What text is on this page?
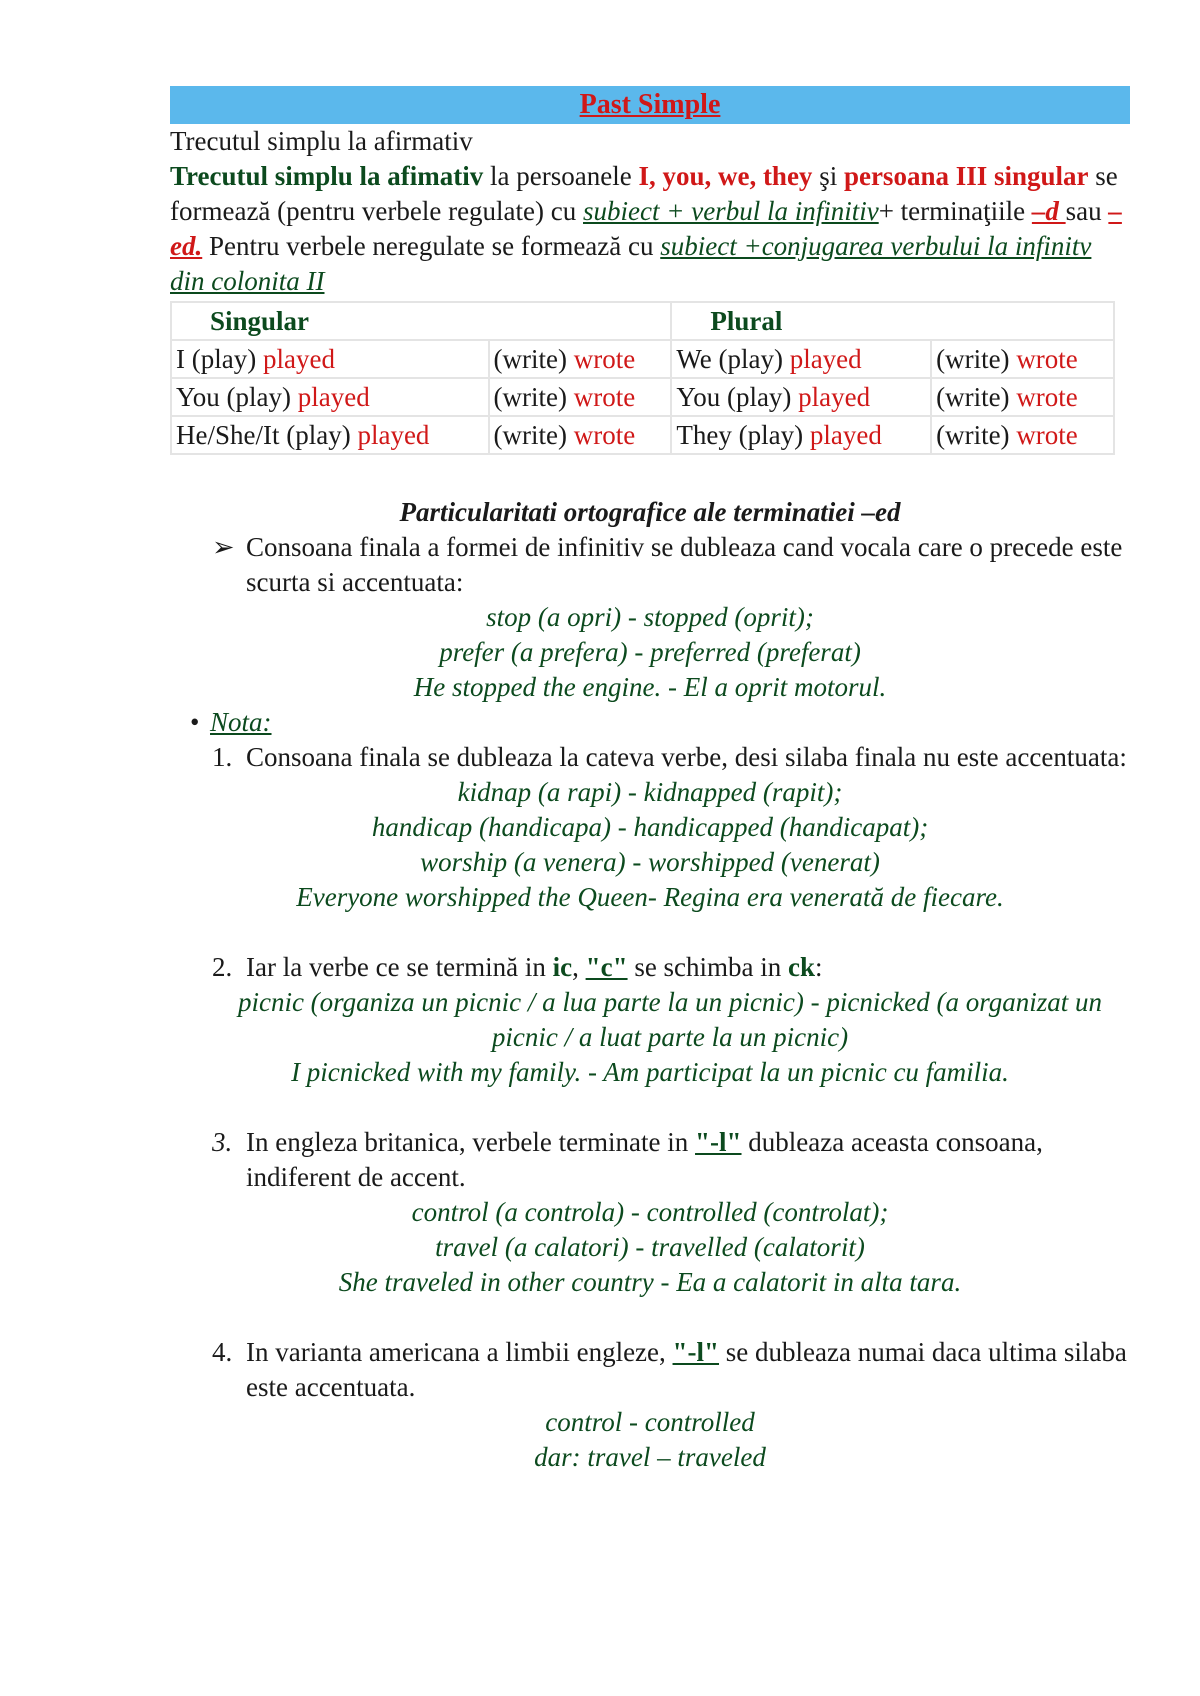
Past Simple

Trecutul simplu la afirmativ

Trecutul simplu la afimativ la persoanele I, you, we, they şi persoana III singular se formează (pentru verbele regulate) cu subiect + verbul la infinitiv+ terminaţiile –d sau –ed. Pentru verbele neregulate se formează cu subiect +conjugarea verbului la infinitv din colonita II

Singular		Plural	
I (play) played	(write) wrote	We (play) played	(write) wrote
You (play) played	(write) wrote	You (play) played	(write) wrote
He/She/It (play) played	(write) wrote	They (play) played	(write) wrote
Particularitati ortografice ale terminatiei –ed
➢ Consoana finala a formei de infinitiv se dubleaza cand vocala care o precede este scurta si accentuata:
stop (a opri) - stopped (oprit);
prefer (a prefera) - preferred (preferat)
He stopped the engine. - El a oprit motorul.
• Nota:
1. Consoana finala se dubleaza la cateva verbe, desi silaba finala nu este accentuata:
kidnap (a rapi) - kidnapped (rapit);
handicap (handicapa) - handicapped (handicapat);
worship (a venera) - worshipped (venerat)
Everyone worshipped the Queen- Regina era venerată de fiecare.
2. Iar la verbe ce se termină in ic, "c" se schimba in ck:
picnic (organiza un picnic / a lua parte la un picnic) - picnicked (a organizat un picnic / a luat parte la un picnic)
I picnicked with my family. - Am participat la un picnic cu familia.
3. In engleza britanica, verbele terminate in "-l" dubleaza aceasta consoana, indiferent de accent.
control (a controla) - controlled (controlat);
travel (a calatori) - travelled (calatorit)
She traveled in other country - Ea a calatorit in alta tara.
4. In varianta americana a limbii engleze, "-l" se dubleaza numai daca ultima silaba este accentuata.
control - controlled
dar: travel – traveled
